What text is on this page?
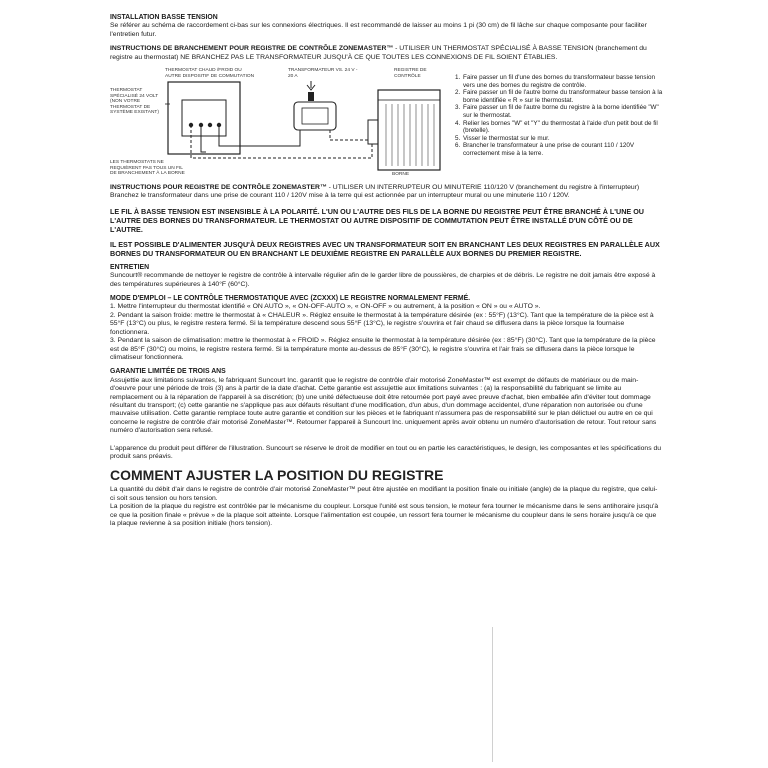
INSTALLATION BASSE TENSION
Se référer au schéma de raccordement ci-bas sur les connexions électriques. Il est recommandé de laisser au moins 1 pi (30 cm) de fil lâche sur chaque composante pour faciliter l'entretien futur.
INSTRUCTIONS DE BRANCHEMENT POUR REGISTRE DE CONTRÔLE ZONEMASTER™ - UTILISER UN THERMOSTAT SPÉCIALISÉ À BASSE TENSION (branchement du registre au thermostat) NE BRANCHEZ PAS LE TRANSFORMATEUR JUSQU'À CE QUE TOUTES LES CONNEXIONS DE FIL SOIENT ÉTABLIES.
THERMOSTAT CHAUD /FROID OU AUTRE DISPOSITIF DE COMMUTATION
TRANSFORMATEUR VS. 24 V - 20 A
REGISTRE DE CONTRÔLE
THERMOSTAT SPÉCIALISÉ 24 VOLT (NON VOTRE THERMOSTAT DE SYSTÈME EXISTANT)
LES THERMOSTATS NE REQUIÈRENT PAS TOUS UN FIL DE BRANCHEMENT À LA BORNE	BORNE
1. Faire passer un fil d'une des bornes du transformateur basse tension vers une des bornes du registre de contrôle.
2. Faire passer un fil de l'autre borne du transformateur basse tension à la borne identifiée « R » sur le thermostat.
3. Faire passer un fil de l'autre borne du registre à la borne identifiée "W" sur le thermostat.
4. Relier les bornes "W" et "Y" du thermostat à l'aide d'un petit bout de fil (bretelle).
5. Visser le thermostat sur le mur.
6. Brancher le transformateur à une prise de courant 110 / 120V correctement mise à la terre.
INSTRUCTIONS POUR REGISTRE DE CONTRÔLE ZONEMASTER™ - UTILISER UN INTERRUPTEUR OU MINUTERIE 110/120 V (branchement du registre à l'interrupteur) Branchez le transformateur dans une prise de courant 110 / 120V mise à la terre qui est actionnée par un interrupteur mural ou une minuterie 110 / 120V.
LE FIL À BASSE TENSION EST INSENSIBLE À LA POLARITÉ. L'UN OU L'AUTRE DES FILS DE LA BORNE DU REGISTRE PEUT ÊTRE BRANCHÉ À L'UNE OU L'AUTRE DES BORNES DU TRANSFORMATEUR. LE THERMOSTAT OU AUTRE DISPOSITIF DE COMMUTATION PEUT ÊTRE INSTALLÉ D'UN CÔTÉ OU DE L'AUTRE.
IL EST POSSIBLE D'ALIMENTER JUSQU'À DEUX REGISTRES AVEC UN TRANSFORMATEUR SOIT EN BRANCHANT LES DEUX REGISTRES EN PARALLÈLE AUX BORNES DU TRANSFORMATEUR OU EN BRANCHANT LE DEUXIÈME REGISTRE EN PARALLÈLE AUX BORNES DU PREMIER REGISTRE.
ENTRETIEN
Suncourt® recommande de nettoyer le registre de contrôle à intervalle régulier afin de le garder libre de poussières, de charpies et de débris. Le registre ne doit jamais être exposé à des températures supérieures à 140°F (60°C).
MODE D'EMPLOI – LE CONTRÔLE THERMOSTATIQUE AVEC (ZCXXX) LE REGISTRE NORMALEMENT FERMÉ.
1. Mettre l'interrupteur du thermostat identifié « ON AUTO », « ON-OFF-AUTO », « ON-OFF » ou autrement, à la position « ON » ou « AUTO ».
2. Pendant la saison froide: mettre le thermostat à « CHALEUR ». Réglez ensuite le thermostat à la température désirée (ex : 55°F) (13°C). Tant que la température de la pièce est à 55°F (13°C) ou plus, le registre restera fermé. Si la température descend sous 55°F (13°C), le registre s'ouvrira et l'air chaud se diffusera dans la pièce lorsque la fournaise fonctionnera.
3. Pendant la saison de climatisation: mettre le thermostat à « FROID ». Réglez ensuite le thermostat à la température désirée (ex : 85°F) (30°C). Tant que la température de la pièce est de 85°F (30°C) ou moins, le registre restera fermé. Si la température monte au-dessus de 85°F (30°C), le registre s'ouvrira et l'air frais se diffusera dans la pièce lorsque le climatiseur fonctionnera.
GARANTIE LIMITÉE DE TROIS ANS
Assujettie aux limitations suivantes, le fabriquant Suncourt Inc. garantit que le registre de contrôle d'air motorisé ZoneMaster™ est exempt de défauts de matériaux ou de main-d'oeuvre pour une période de trois (3) ans à partir de la date d'achat. Cette garantie est assujettie aux limitations suivantes : (a) la responsabilité du fabriquant se limite au remplacement ou à la réparation de l'appareil à sa discrétion; (b) une unité défectueuse doit être retournée port payé avec preuve d'achat, bien emballée afin d'éviter tout dommage résultant du transport; (c) cette garantie ne s'applique pas aux défauts résultant d'une modification, d'un abus, d'un dommage accidentel, d'une réparation non autorisée ou d'une mauvaise utilisation. Cette garantie remplace toute autre garantie et condition sur les pièces et le fabriquant n'assumera pas de responsabilité sur le plan délictuel ou autre en ce qui concerne le registre de contrôle d'air motorisé ZoneMaster™. Retourner l'appareil à Suncourt Inc. uniquement après avoir obtenu un numéro d'autorisation de retour. Tout retour sans numéro d'autorisation sera refusé.
L'apparence du produit peut différer de l'illustration. Suncourt se réserve le droit de modifier en tout ou en partie les caractéristiques, le design, les composantes et les spécifications du produit sans préavis.
COMMENT AJUSTER LA POSITION DU REGISTRE
La quantité du débit d'air dans le registre de contrôle d'air motorisé ZoneMaster™ peut être ajustée en modifiant la position finale ou initiale (angle) de la plaque du registre, que celui-ci soit sous tension ou hors tension.
La position de la plaque du registre est contrôlée par le mécanisme du coupleur. Lorsque l'unité est sous tension, le moteur fera tourner le mécanisme dans le sens antihoraire jusqu'à ce que la position finale « prévue » de la plaque soit atteinte. Lorsque l'alimentation est coupée, un ressort fera tourner le mécanisme du coupleur dans le sens horaire jusqu'à ce que la plaque revienne à sa position initiale (hors tension).
